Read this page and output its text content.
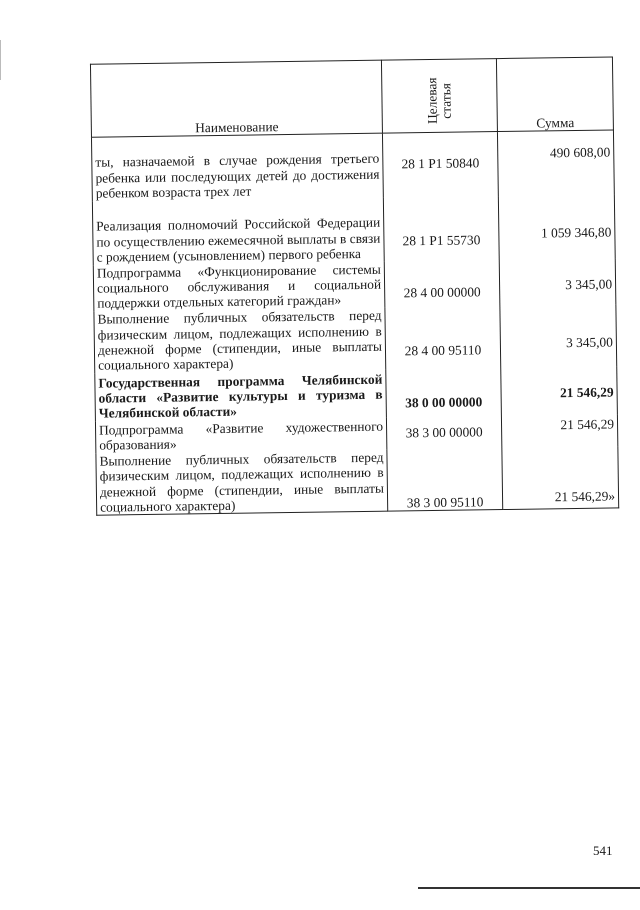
Наименование	Целевая статья	Сумма
ты, назначаемой в случае рождения третьего ребенка или последующих детей до достижения ребенком возраста трех лет	28 1 P1 50840	490 608,00
Реализация полномочий Российской Федерации по осуществлению ежемесячной выплаты в связи с рождением (усыновлением) первого ребенка	28 1 P1 55730	1 059 346,80
Подпрограмма «Функционирование системы социального обслуживания и социальной поддержки отдельных категорий граждан»	28 4 00 00000	3 345,00
Выполнение публичных обязательств перед физическим лицом, подлежащих исполнению в денежной форме (стипендии, иные выплаты социального характера)	28 4 00 95110	3 345,00
Государственная программа Челябинской области «Развитие культуры и туризма в Челябинской области»	38 0 00 00000	21 546,29
Подпрограмма «Развитие художественного образования»	38 3 00 00000	21 546,29
Выполнение публичных обязательств перед физическим лицом, подлежащих исполнению в денежной форме (стипендии, иные выплаты социального характера)	38 3 00 95110	21 546,29»
541
